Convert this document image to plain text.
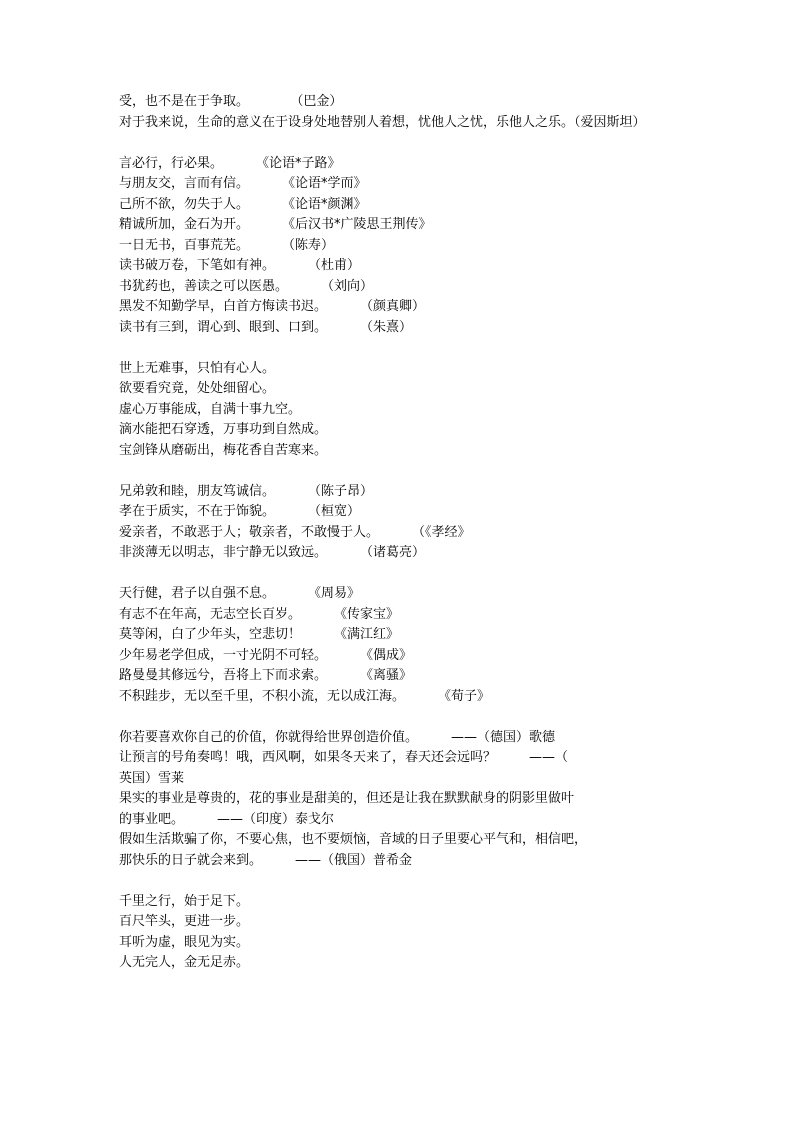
受，也不是在于争取。          （巴金）
对于我来说，生命的意义在于设身处地替别人着想，忧他人之忧，乐他人之乐。（爱因斯坦）
言必行，行必果。        《论语*子路》
与朋友交，言而有信。        《论语*学而》
己所不欲，勿失于人。        《论语*颜渊》
精诚所加，金石为开。        《后汉书*广陵思王荆传》
一日无书，百事荒芜。        （陈寿）
读书破万卷，下笔如有神。        （杜甫）
书犹药也，善读之可以医愚。        （刘向）
黑发不知勤学早，白首方悔读书迟。        （颜真卿）
读书有三到，谓心到、眼到、口到。        （朱熹）
世上无难事，只怕有心人。
欲要看究竟，处处细留心。
虚心万事能成，自满十事九空。
滴水能把石穿透，万事功到自然成。
宝剑锋从磨砺出，梅花香自苦寒来。
兄弟敦和睦，朋友笃诚信。        （陈子昂）
孝在于质实，不在于饰貌。        （桓宽）
爱亲者，不敢恶于人；敬亲者，不敢慢于人。        （《孝经》
非淡薄无以明志，非宁静无以致远。        （诸葛亮）
天行健，君子以自强不息。        《周易》
有志不在年高，无志空长百岁。        《传家宝》
莫等闲，白了少年头，空悲切！        《满江红》
少年易老学但成，一寸光阴不可轻。        《偶成》
路曼曼其修远兮，吾将上下而求索。        《离骚》
不积跬步，无以至千里，不积小流，无以成江海。        《荀子》
你若要喜欢你自己的价值，你就得给世界创造价值。        ——（德国）歌德
让预言的号角奏鸣！哦，西风啊，如果冬天来了，春天还会远吗？        ——（
英国）雪莱
果实的事业是尊贵的，花的事业是甜美的，但还是让我在默默献身的阴影里做叶
的事业吧。        ——（印度）泰戈尔
假如生活欺骗了你，不要心焦，也不要烦恼，音域的日子里要心平气和，相信吧，
那快乐的日子就会来到。        ——（俄国）普希金
千里之行，始于足下。
百尺竿头，更进一步。
耳听为虚，眼见为实。
人无完人，金无足赤。
